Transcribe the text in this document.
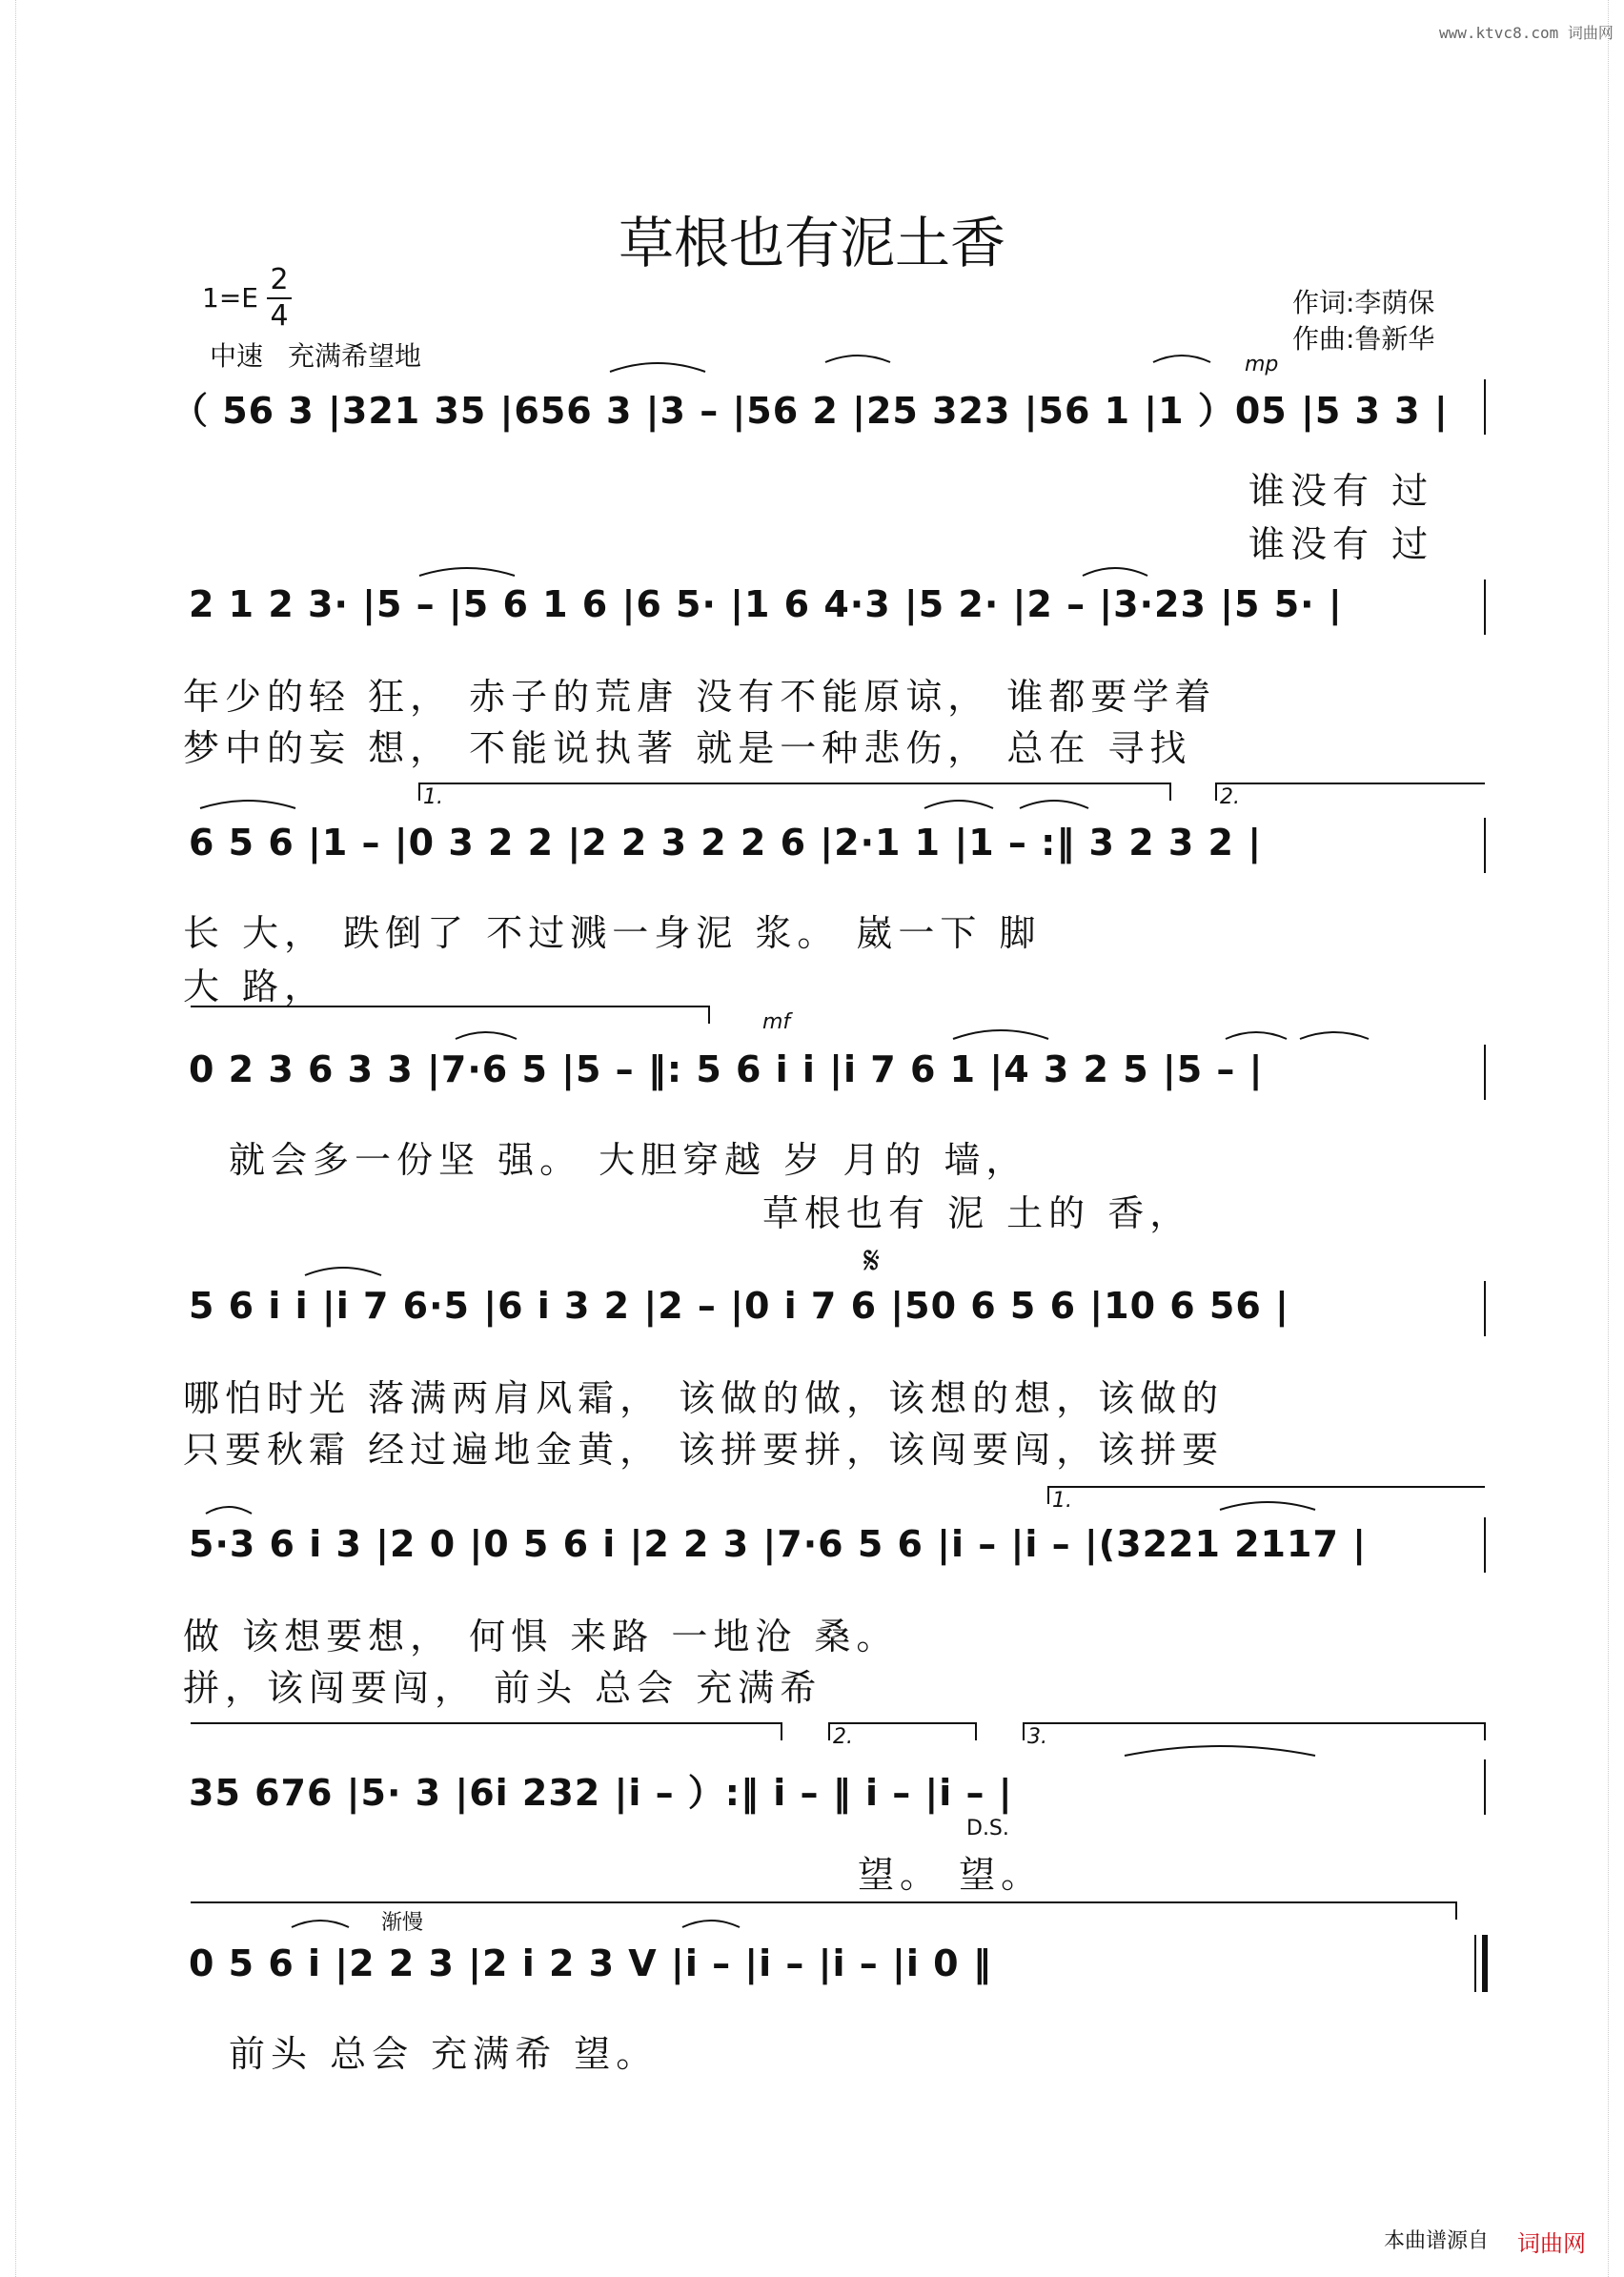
www.ktvc8.com 词曲网
草根也有泥土香
1=E
2
4
中速 充满希望地
作词:李荫保
作曲:鲁新华
（ 56 3 |321 35 |656 3 |3 – |56 2 |25 323 |56 1 |1 ）05 |5 3 3 |
mp
谁没有 过
谁没有 过
2 1 2 3· |5 – |5 6 1 6 |6 5· |1 6 4·3 |5 2· |2 – |3·23 |5 5· |
年少的轻 狂， 赤子的荒唐 没有不能原谅， 谁都要学着
梦中的妄 想， 不能说执著 就是一种悲伤， 总在 寻找
1.	2.
6 5 6 |1 – |0 3 2 2 |2 2 3 2 2 6 |2·1 1 |1 – :‖ 3 2 3 2 |
长 大， 跌倒了 不过溅一身泥 浆。 崴一下 脚
大 路，
mf
0 2 3 6 3 3 |7·6 5 |5 – ‖: 5 6 i i |i 7 6 1 |4 3 2 5 |5 – |
就会多一份坚 强。 大胆穿越 岁 月的 墙，
草根也有 泥 土的 香，
𝄋
5 6 i i |i 7 6·5 |6 i 3 2 |2 – |0 i 7 6 |50 6 5 6 |10 6 56 |
哪怕时光 落满两肩风霜， 该做的做，该想的想，该做的
只要秋霜 经过遍地金黄， 该拼要拼，该闯要闯，该拼要
1.
5·3 6 i 3 |2 0 |0 5 6 i |2 2 3 |7·6 5 6 |i – |i – |(3221 2117 |
做 该想要想， 何惧 来路 一地沧 桑。
拼，该闯要闯， 前头 总会 充满希
2.	3.
35 676 |5· 3 |6i 232 |i – ）:‖ i – ‖ i – |i – |
D.S.
望。 望。
渐慢
0 5 6 i |2 2 3 |2 i 2 3 V |i – |i – |i – |i 0 ‖
前头 总会 充满希 望。
本曲谱源自 词曲网
